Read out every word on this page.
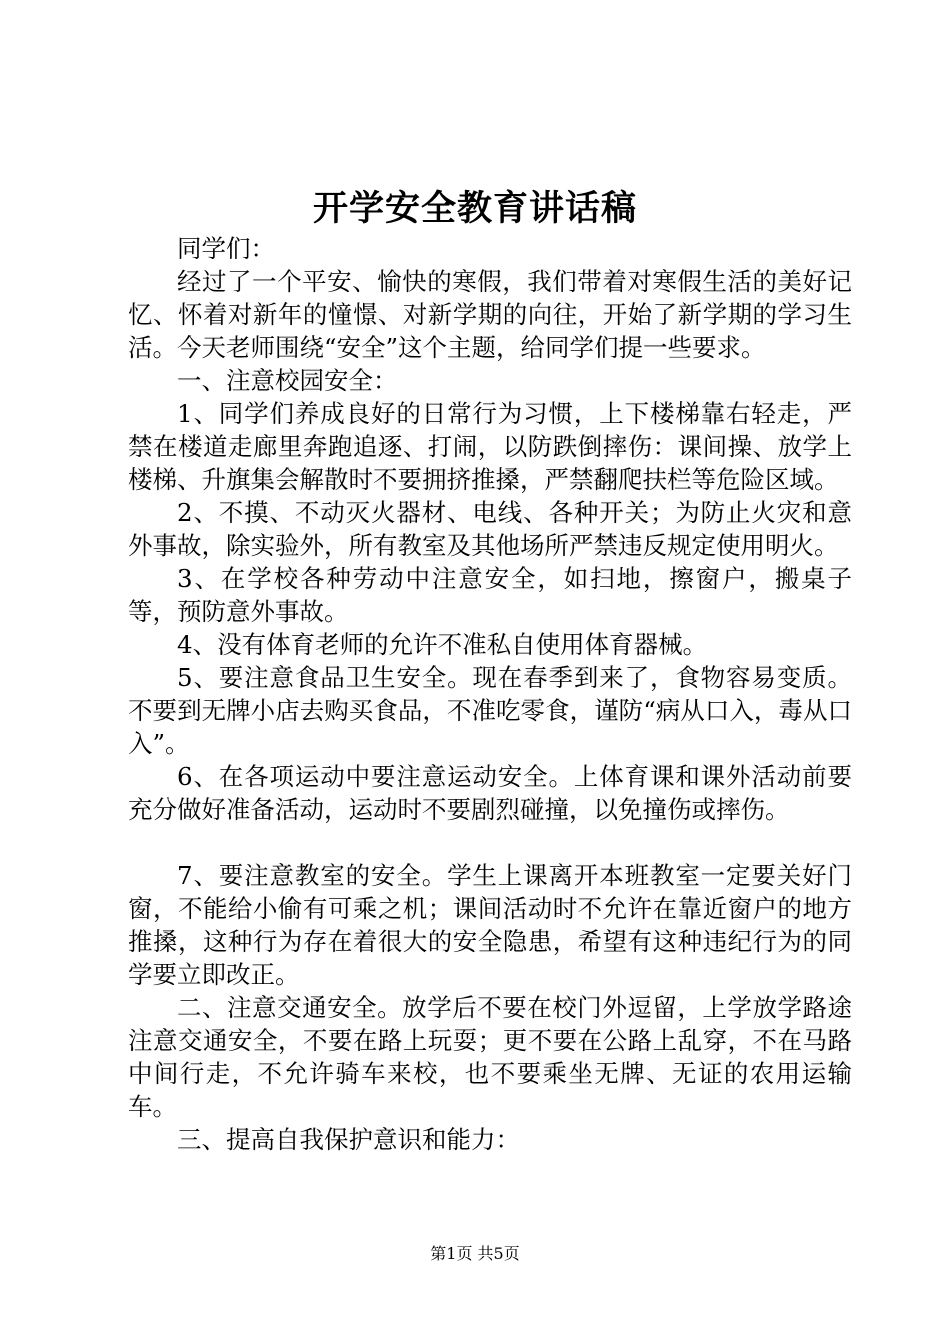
开学安全教育讲话稿

同学们：

经过了一个平安、愉快的寒假，我们带着对寒假生活的美好记忆、怀着对新年的憧憬、对新学期的向往，开始了新学期的学习生活。今天老师围绕“安全”这个主题，给同学们提一些要求。

一、注意校园安全：

1、同学们养成良好的日常行为习惯，上下楼梯靠右轻走，严禁在楼道走廊里奔跑追逐、打闹，以防跌倒摔伤：课间操、放学上楼梯、升旗集会解散时不要拥挤推搡，严禁翻爬扶栏等危险区域。

2、不摸、不动灭火器材、电线、各种开关；为防止火灾和意外事故，除实验外，所有教室及其他场所严禁违反规定使用明火。

3、在学校各种劳动中注意安全，如扫地，擦窗户，搬桌子等，预防意外事故。

4、没有体育老师的允许不准私自使用体育器械。

5、要注意食品卫生安全。现在春季到来了，食物容易变质。不要到无牌小店去购买食品，不准吃零食，谨防“病从口入，毒从口入”。

6、在各项运动中要注意运动安全。上体育课和课外活动前要充分做好准备活动，运动时不要剧烈碰撞，以免撞伤或摔伤。

7、要注意教室的安全。学生上课离开本班教室一定要关好门窗，不能给小偷有可乘之机；课间活动时不允许在靠近窗户的地方推搡，这种行为存在着很大的安全隐患，希望有这种违纪行为的同学要立即改正。

二、注意交通安全。放学后不要在校门外逗留，上学放学路途注意交通安全，不要在路上玩耍；更不要在公路上乱穿，不在马路中间行走，不允许骑车来校，也不要乘坐无牌、无证的农用运输车。

三、提高自我保护意识和能力：

第1页 共5页
